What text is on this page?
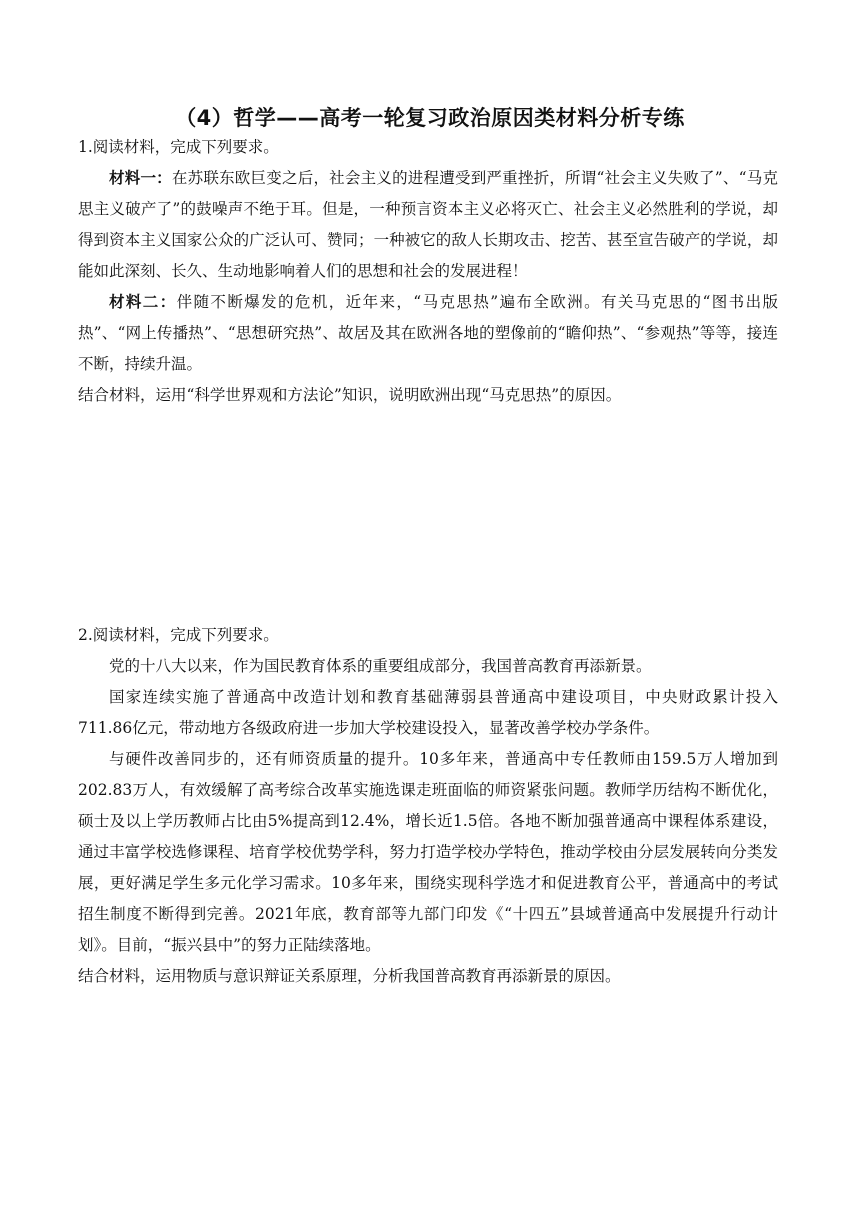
（4）哲学——高考一轮复习政治原因类材料分析专练
1.阅读材料，完成下列要求。

材料一：在苏联东欧巨变之后，社会主义的进程遭受到严重挫折，所谓“社会主义失败了”、“马克思主义破产了”的鼓噪声不绝于耳。但是，一种预言资本主义必将灭亡、社会主义必然胜利的学说，却得到资本主义国家公众的广泛认可、赞同；一种被它的敌人长期攻击、挖苦、甚至宣告破产的学说，却能如此深刻、长久、生动地影响着人们的思想和社会的发展进程！

材料二：伴随不断爆发的危机，近年来，“马克思热”遍布全欧洲。有关马克思的“图书出版热”、“网上传播热”、“思想研究热”、故居及其在欧洲各地的塑像前的“瞻仰热”、“参观热”等等，接连不断，持续升温。

结合材料，运用“科学世界观和方法论”知识，说明欧洲出现“马克思热”的原因。
2.阅读材料，完成下列要求。

党的十八大以来，作为国民教育体系的重要组成部分，我国普高教育再添新景。

国家连续实施了普通高中改造计划和教育基础薄弱县普通高中建设项目，中央财政累计投入711.86亿元，带动地方各级政府进一步加大学校建设投入，显著改善学校办学条件。

与硬件改善同步的，还有师资质量的提升。10多年来，普通高中专任教师由159.5万人增加到202.83万人，有效缓解了高考综合改革实施选课走班面临的师资紧张问题。教师学历结构不断优化，硕士及以上学历教师占比由5%提高到12.4%，增长近1.5倍。各地不断加强普通高中课程体系建设，通过丰富学校选修课程、培育学校优势学科，努力打造学校办学特色，推动学校由分层发展转向分类发展，更好满足学生多元化学习需求。10多年来，围绕实现科学选才和促进教育公平，普通高中的考试招生制度不断得到完善。2021年底，教育部等九部门印发《“十四五”县域普通高中发展提升行动计划》。目前，“振兴县中”的努力正陆续落地。

结合材料，运用物质与意识辩证关系原理，分析我国普高教育再添新景的原因。
